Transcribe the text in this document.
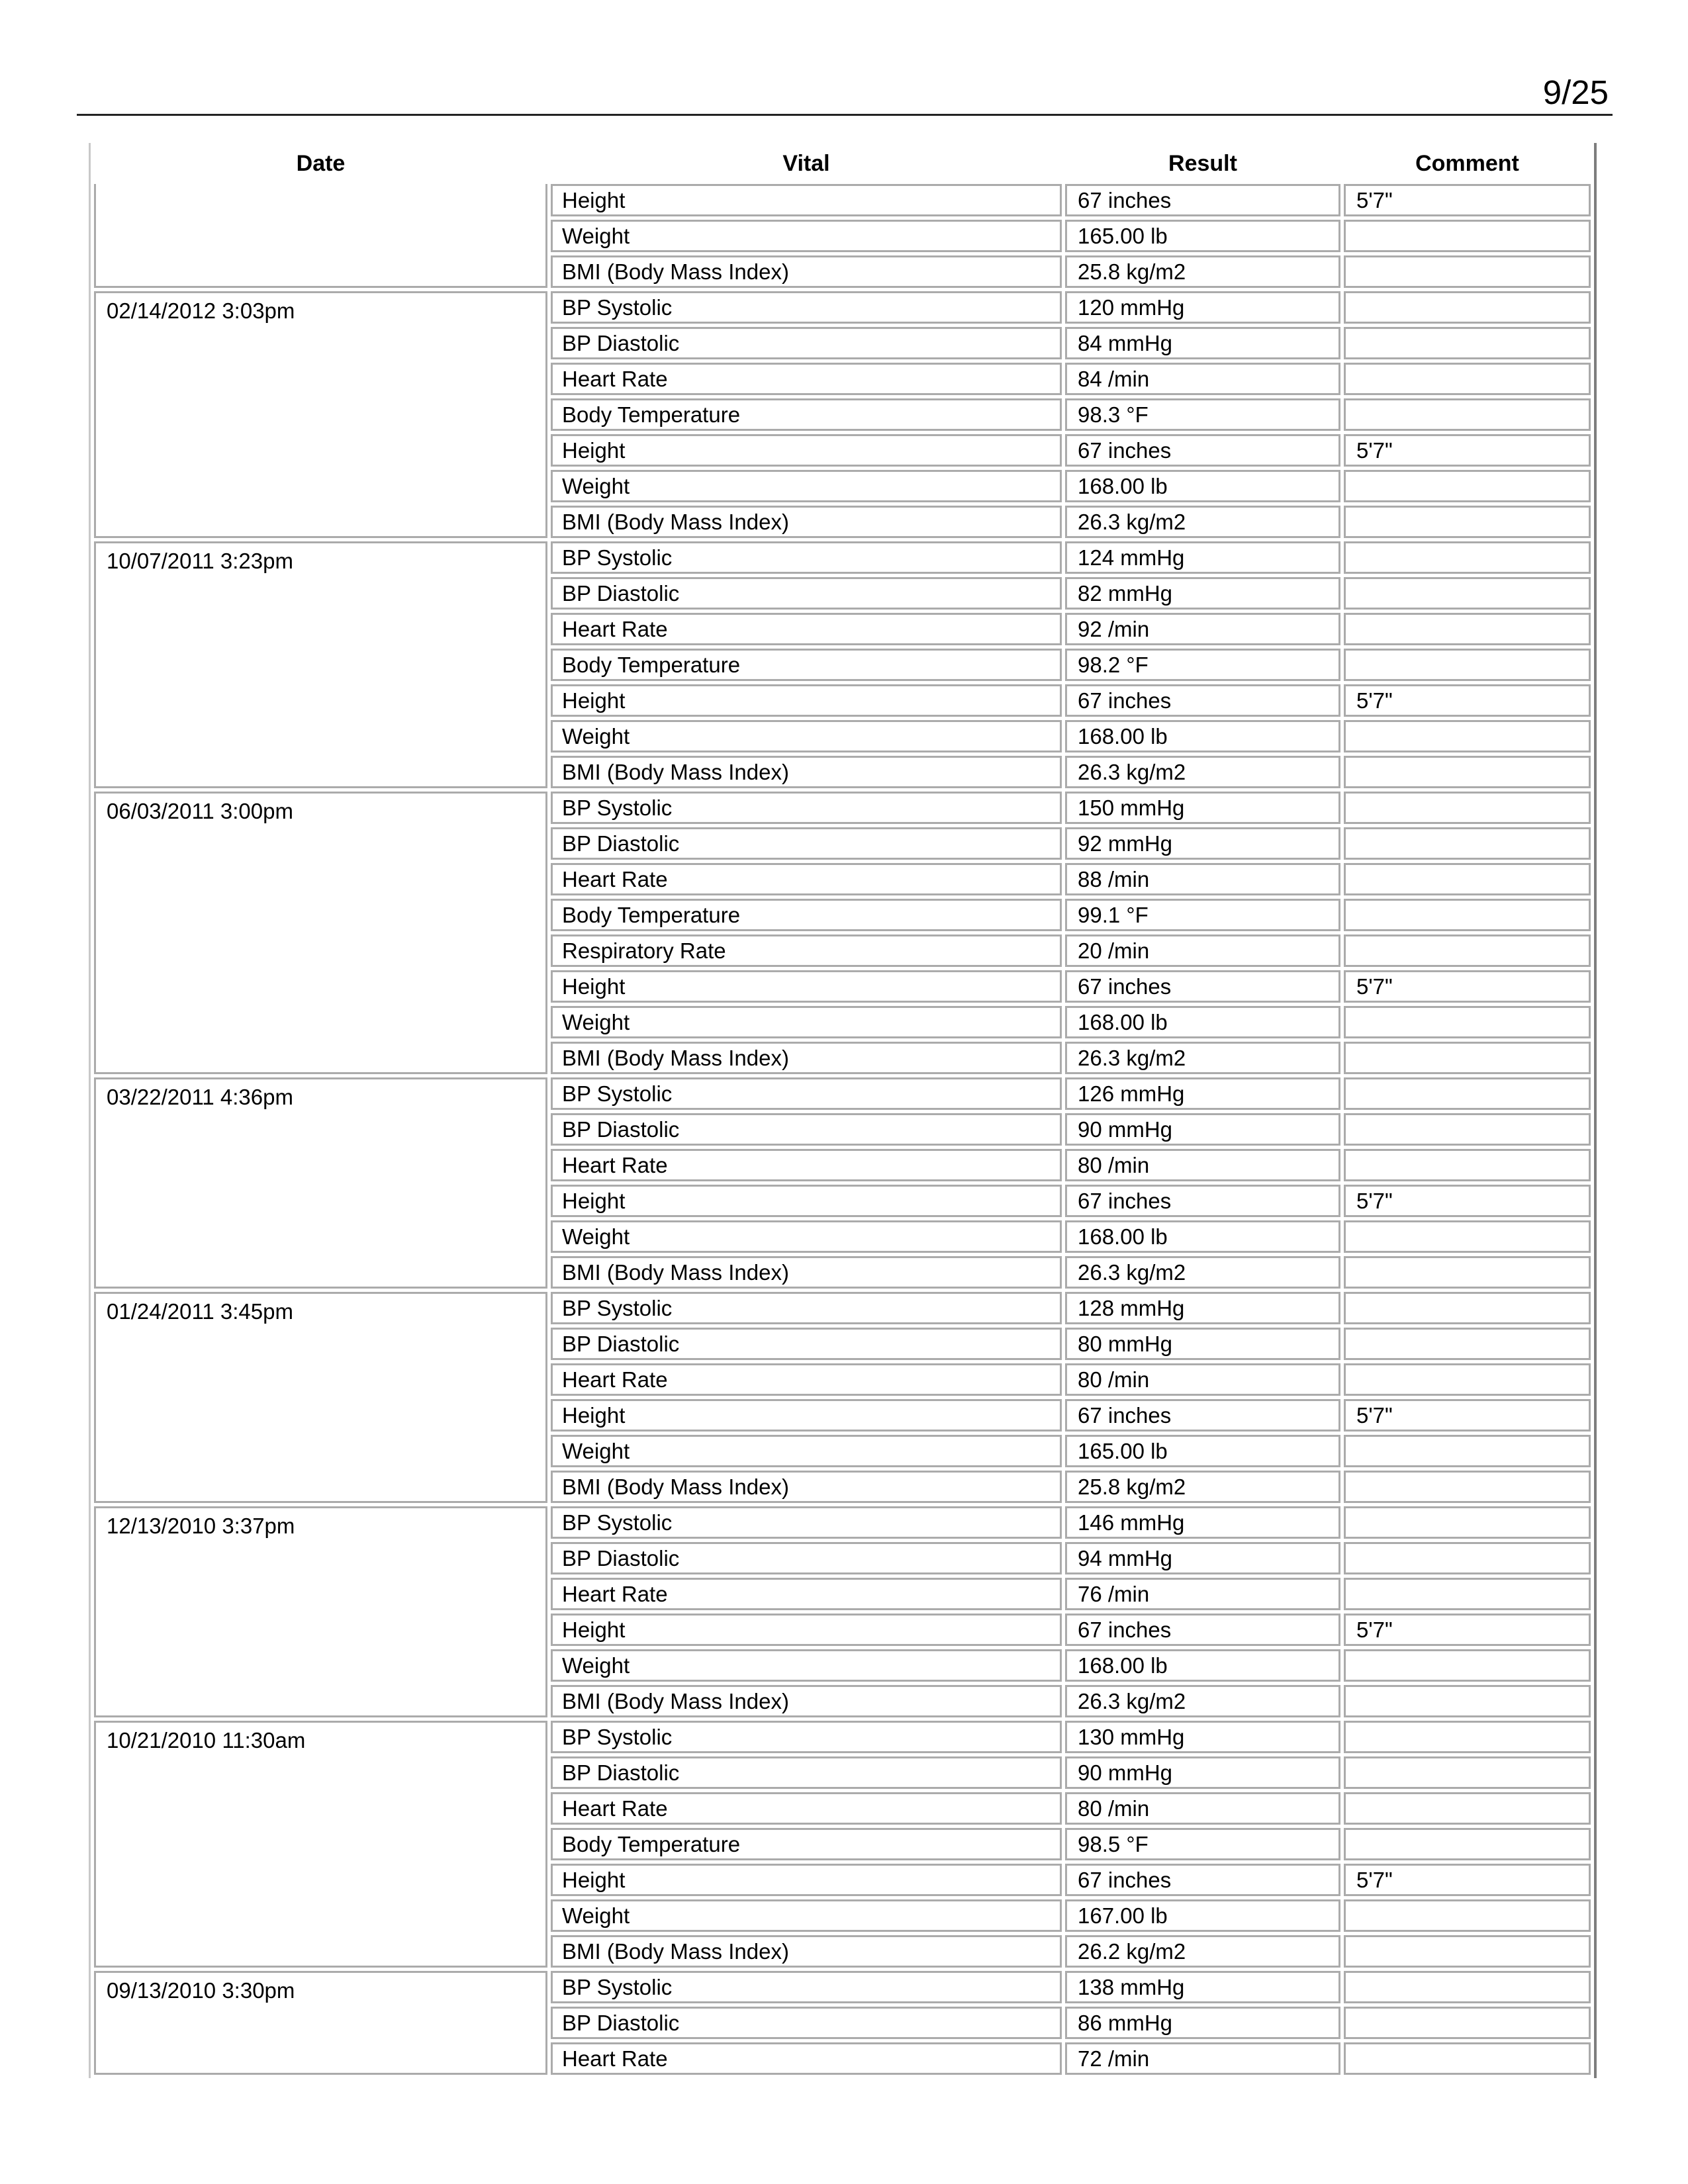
9/25
Date	Vital	Result	Comment
	Height	67 inches	5'7"
	Weight	165.00 lb	
	BMI (Body Mass Index)	25.8 kg/m2	
02/14/2012 3:03pm	BP Systolic	120 mmHg	
	BP Diastolic	84 mmHg	
	Heart Rate	84 /min	
	Body Temperature	98.3 °F	
	Height	67 inches	5'7"
	Weight	168.00 lb	
	BMI (Body Mass Index)	26.3 kg/m2	
10/07/2011 3:23pm	BP Systolic	124 mmHg	
	BP Diastolic	82 mmHg	
	Heart Rate	92 /min	
	Body Temperature	98.2 °F	
	Height	67 inches	5'7"
	Weight	168.00 lb	
	BMI (Body Mass Index)	26.3 kg/m2	
06/03/2011 3:00pm	BP Systolic	150 mmHg	
	BP Diastolic	92 mmHg	
	Heart Rate	88 /min	
	Body Temperature	99.1 °F	
	Respiratory Rate	20 /min	
	Height	67 inches	5'7"
	Weight	168.00 lb	
	BMI (Body Mass Index)	26.3 kg/m2	
03/22/2011 4:36pm	BP Systolic	126 mmHg	
	BP Diastolic	90 mmHg	
	Heart Rate	80 /min	
	Height	67 inches	5'7"
	Weight	168.00 lb	
	BMI (Body Mass Index)	26.3 kg/m2	
01/24/2011 3:45pm	BP Systolic	128 mmHg	
	BP Diastolic	80 mmHg	
	Heart Rate	80 /min	
	Height	67 inches	5'7"
	Weight	165.00 lb	
	BMI (Body Mass Index)	25.8 kg/m2	
12/13/2010 3:37pm	BP Systolic	146 mmHg	
	BP Diastolic	94 mmHg	
	Heart Rate	76 /min	
	Height	67 inches	5'7"
	Weight	168.00 lb	
	BMI (Body Mass Index)	26.3 kg/m2	
10/21/2010 11:30am	BP Systolic	130 mmHg	
	BP Diastolic	90 mmHg	
	Heart Rate	80 /min	
	Body Temperature	98.5 °F	
	Height	67 inches	5'7"
	Weight	167.00 lb	
	BMI (Body Mass Index)	26.2 kg/m2	
09/13/2010 3:30pm	BP Systolic	138 mmHg	
	BP Diastolic	86 mmHg	
	Heart Rate	72 /min	
